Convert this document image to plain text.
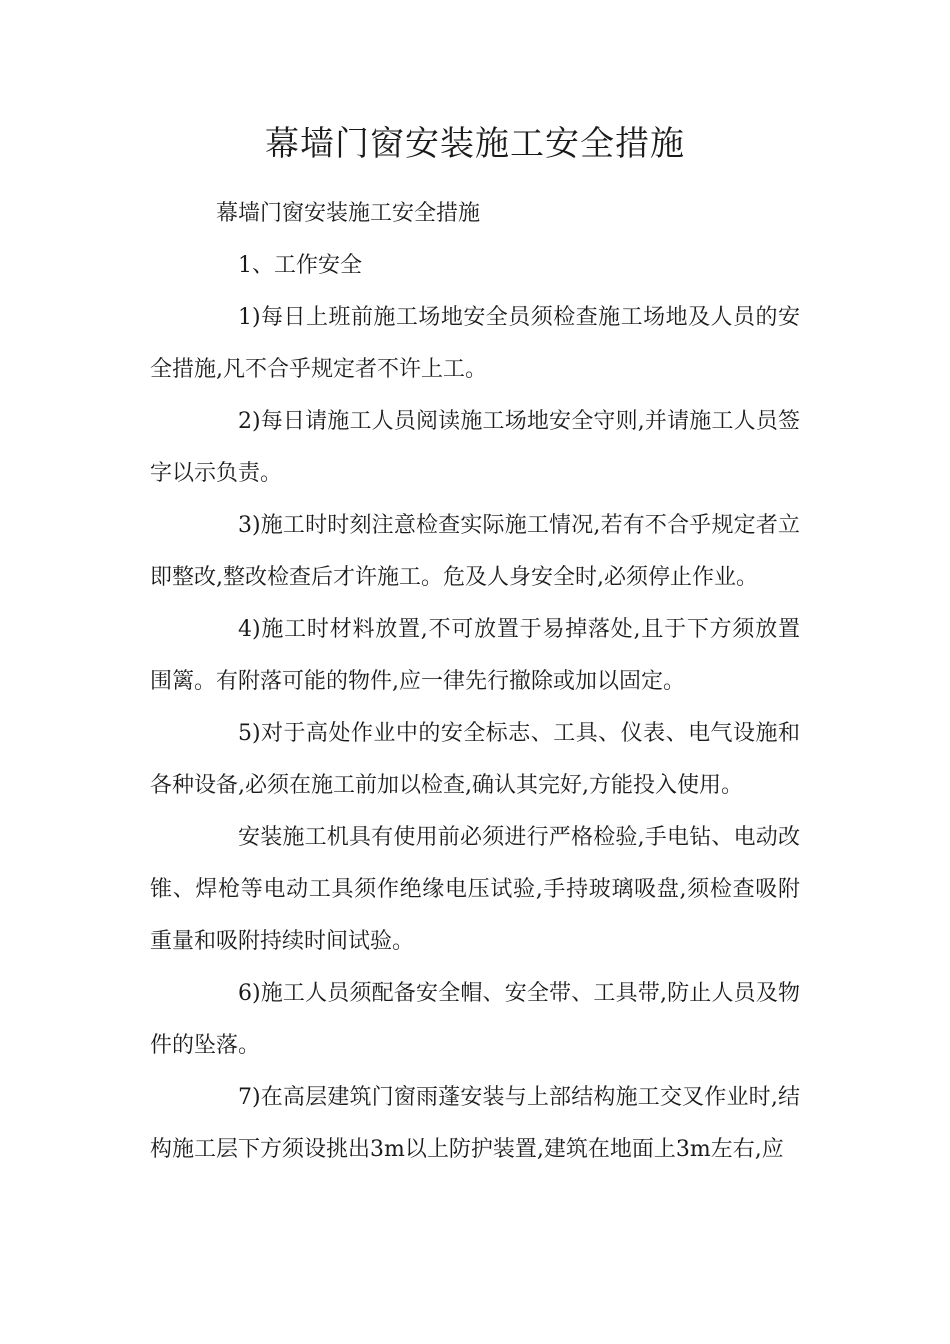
幕墙门窗安装施工安全措施

幕墙门窗安装施工安全措施

1、工作安全

1)每日上班前施工场地安全员须检查施工场地及人员的安全措施,凡不合乎规定者不许上工。

2)每日请施工人员阅读施工场地安全守则,并请施工人员签字以示负责。

3)施工时时刻注意检查实际施工情况,若有不合乎规定者立即整改,整改检查后才许施工。危及人身安全时,必须停止作业。

4)施工时材料放置,不可放置于易掉落处,且于下方须放置围篱。有附落可能的物件,应一律先行撤除或加以固定。

5)对于高处作业中的安全标志、工具、仪表、电气设施和各种设备,必须在施工前加以检查,确认其完好,方能投入使用。

安装施工机具有使用前必须进行严格检验,手电钻、电动改锥、焊枪等电动工具须作绝缘电压试验,手持玻璃吸盘,须检查吸附重量和吸附持续时间试验。

6)施工人员须配备安全帽、安全带、工具带,防止人员及物件的坠落。

7)在高层建筑门窗雨蓬安装与上部结构施工交叉作业时,结构施工层下方须设挑出3m以上防护装置,建筑在地面上3m左右,应
